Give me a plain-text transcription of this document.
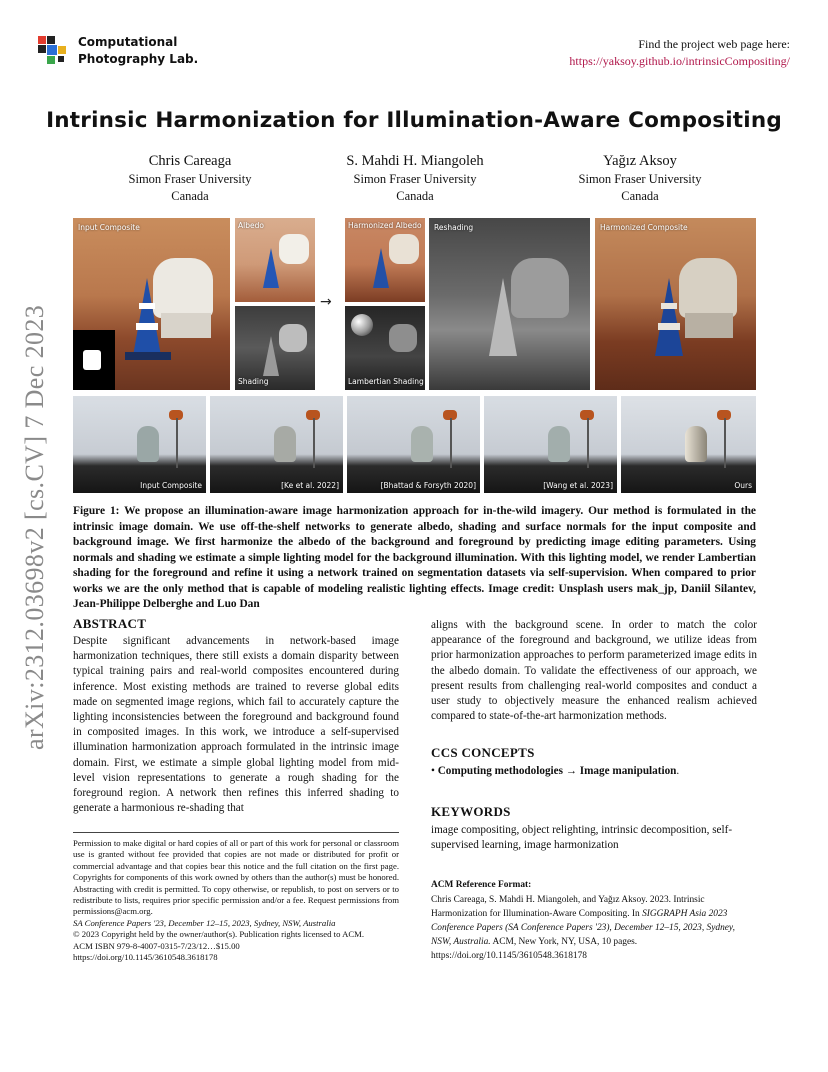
Computational
Photography Lab.
Find the project web page here:
https://yaksoy.github.io/intrinsicCompositing/
Intrinsic Harmonization for Illumination-Aware Compositing
Chris Careaga
Simon Fraser University
Canada
S. Mahdi H. Miangoleh
Simon Fraser University
Canada
Yağız Aksoy
Simon Fraser University
Canada
arXiv:2312.03698v2 [cs.CV] 7 Dec 2023
Input Composite	Albedo
Shading
→
Harmonized Albedo
Lambertian Shading
Reshading	Harmonized Composite
Input Composite	[Ke et al. 2022]	[Bhattad & Forsyth 2020]	[Wang et al. 2023]	Ours
Figure 1: We propose an illumination-aware image harmonization approach for in-the-wild imagery. Our method is formulated in the intrinsic image domain. We use off-the-shelf networks to generate albedo, shading and surface normals for the input composite and background image. We first harmonize the albedo of the background and foreground by predicting image editing parameters. Using normals and shading we estimate a simple lighting model for the background illumination. With this lighting model, we render Lambertian shading for the foreground and refine it using a network trained on segmentation datasets via self-supervision. When compared to prior works we are the only method that is capable of modeling realistic lighting effects. Image credit: Unsplash users mak_jp, Daniil Silantev, Jean-Philippe Delberghe and Luo Dan
ABSTRACT
Despite significant advancements in network-based image harmonization techniques, there still exists a domain disparity between typical training pairs and real-world composites encountered during inference. Most existing methods are trained to reverse global edits made on segmented image regions, which fail to accurately capture the lighting inconsistencies between the foreground and background found in composited images. In this work, we introduce a self-supervised illumination harmonization approach formulated in the intrinsic image domain. First, we estimate a simple global lighting model from mid-level vision representations to generate a rough shading for the foreground region. A network then refines this inferred shading to generate a harmonious re-shading that
Permission to make digital or hard copies of all or part of this work for personal or classroom use is granted without fee provided that copies are not made or distributed for profit or commercial advantage and that copies bear this notice and the full citation on the first page. Copyrights for components of this work owned by others than the author(s) must be honored. Abstracting with credit is permitted. To copy otherwise, or republish, to post on servers or to redistribute to lists, requires prior specific permission and/or a fee. Request permissions from permissions@acm.org.
SA Conference Papers '23, December 12–15, 2023, Sydney, NSW, Australia
© 2023 Copyright held by the owner/author(s). Publication rights licensed to ACM.
ACM ISBN 979-8-4007-0315-7/23/12…$15.00
https://doi.org/10.1145/3610548.3618178
aligns with the background scene. In order to match the color appearance of the foreground and background, we utilize ideas from prior harmonization approaches to perform parameterized image edits in the albedo domain. To validate the effectiveness of our approach, we present results from challenging real-world composites and conduct a user study to objectively measure the enhanced realism achieved compared to state-of-the-art harmonization methods.
CCS CONCEPTS
• Computing methodologies → Image manipulation.
KEYWORDS
image compositing, object relighting, intrinsic decomposition, self-supervised learning, image harmonization
ACM Reference Format:
Chris Careaga, S. Mahdi H. Miangoleh, and Yağız Aksoy. 2023. Intrinsic Harmonization for Illumination-Aware Compositing. In SIGGRAPH Asia 2023 Conference Papers (SA Conference Papers '23), December 12–15, 2023, Sydney, NSW, Australia. ACM, New York, NY, USA, 10 pages. https://doi.org/10.1145/3610548.3618178
